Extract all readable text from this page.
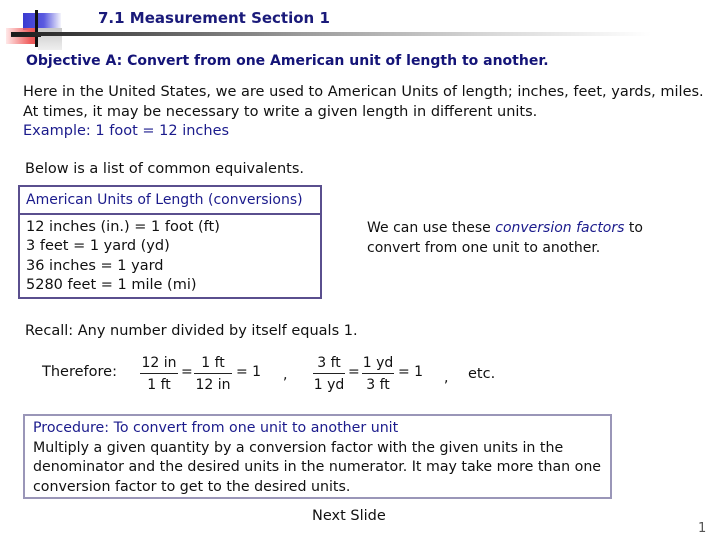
7.1 Measurement Section 1
Objective A: Convert from one American unit of length to another.
Here in the United States, we are used to American Units of length; inches, feet, yards, miles.
At times, it may be necessary to write a given length in different units.
Example: 1 foot = 12 inches
Below is a list of common equivalents.
American Units of Length (conversions)
12 inches (in.) = 1 foot (ft)
3 feet = 1 yard (yd)
36 inches = 1 yard
5280 feet = 1 mile (mi)
We can use these conversion factors to
convert from one unit to another.
Recall: Any number divided by itself equals 1.
Therefore:
12 in
1 ft
=
1 ft
12 in
= 1 ,
3 ft
1 yd
=
1 yd
3 ft
= 1 , etc.
Procedure: To convert from one unit to another unit
Multiply a given quantity by a conversion factor with the given units in the denominator and the desired units in the numerator. It may take more than one conversion factor to get to the desired units.
Next Slide
1
